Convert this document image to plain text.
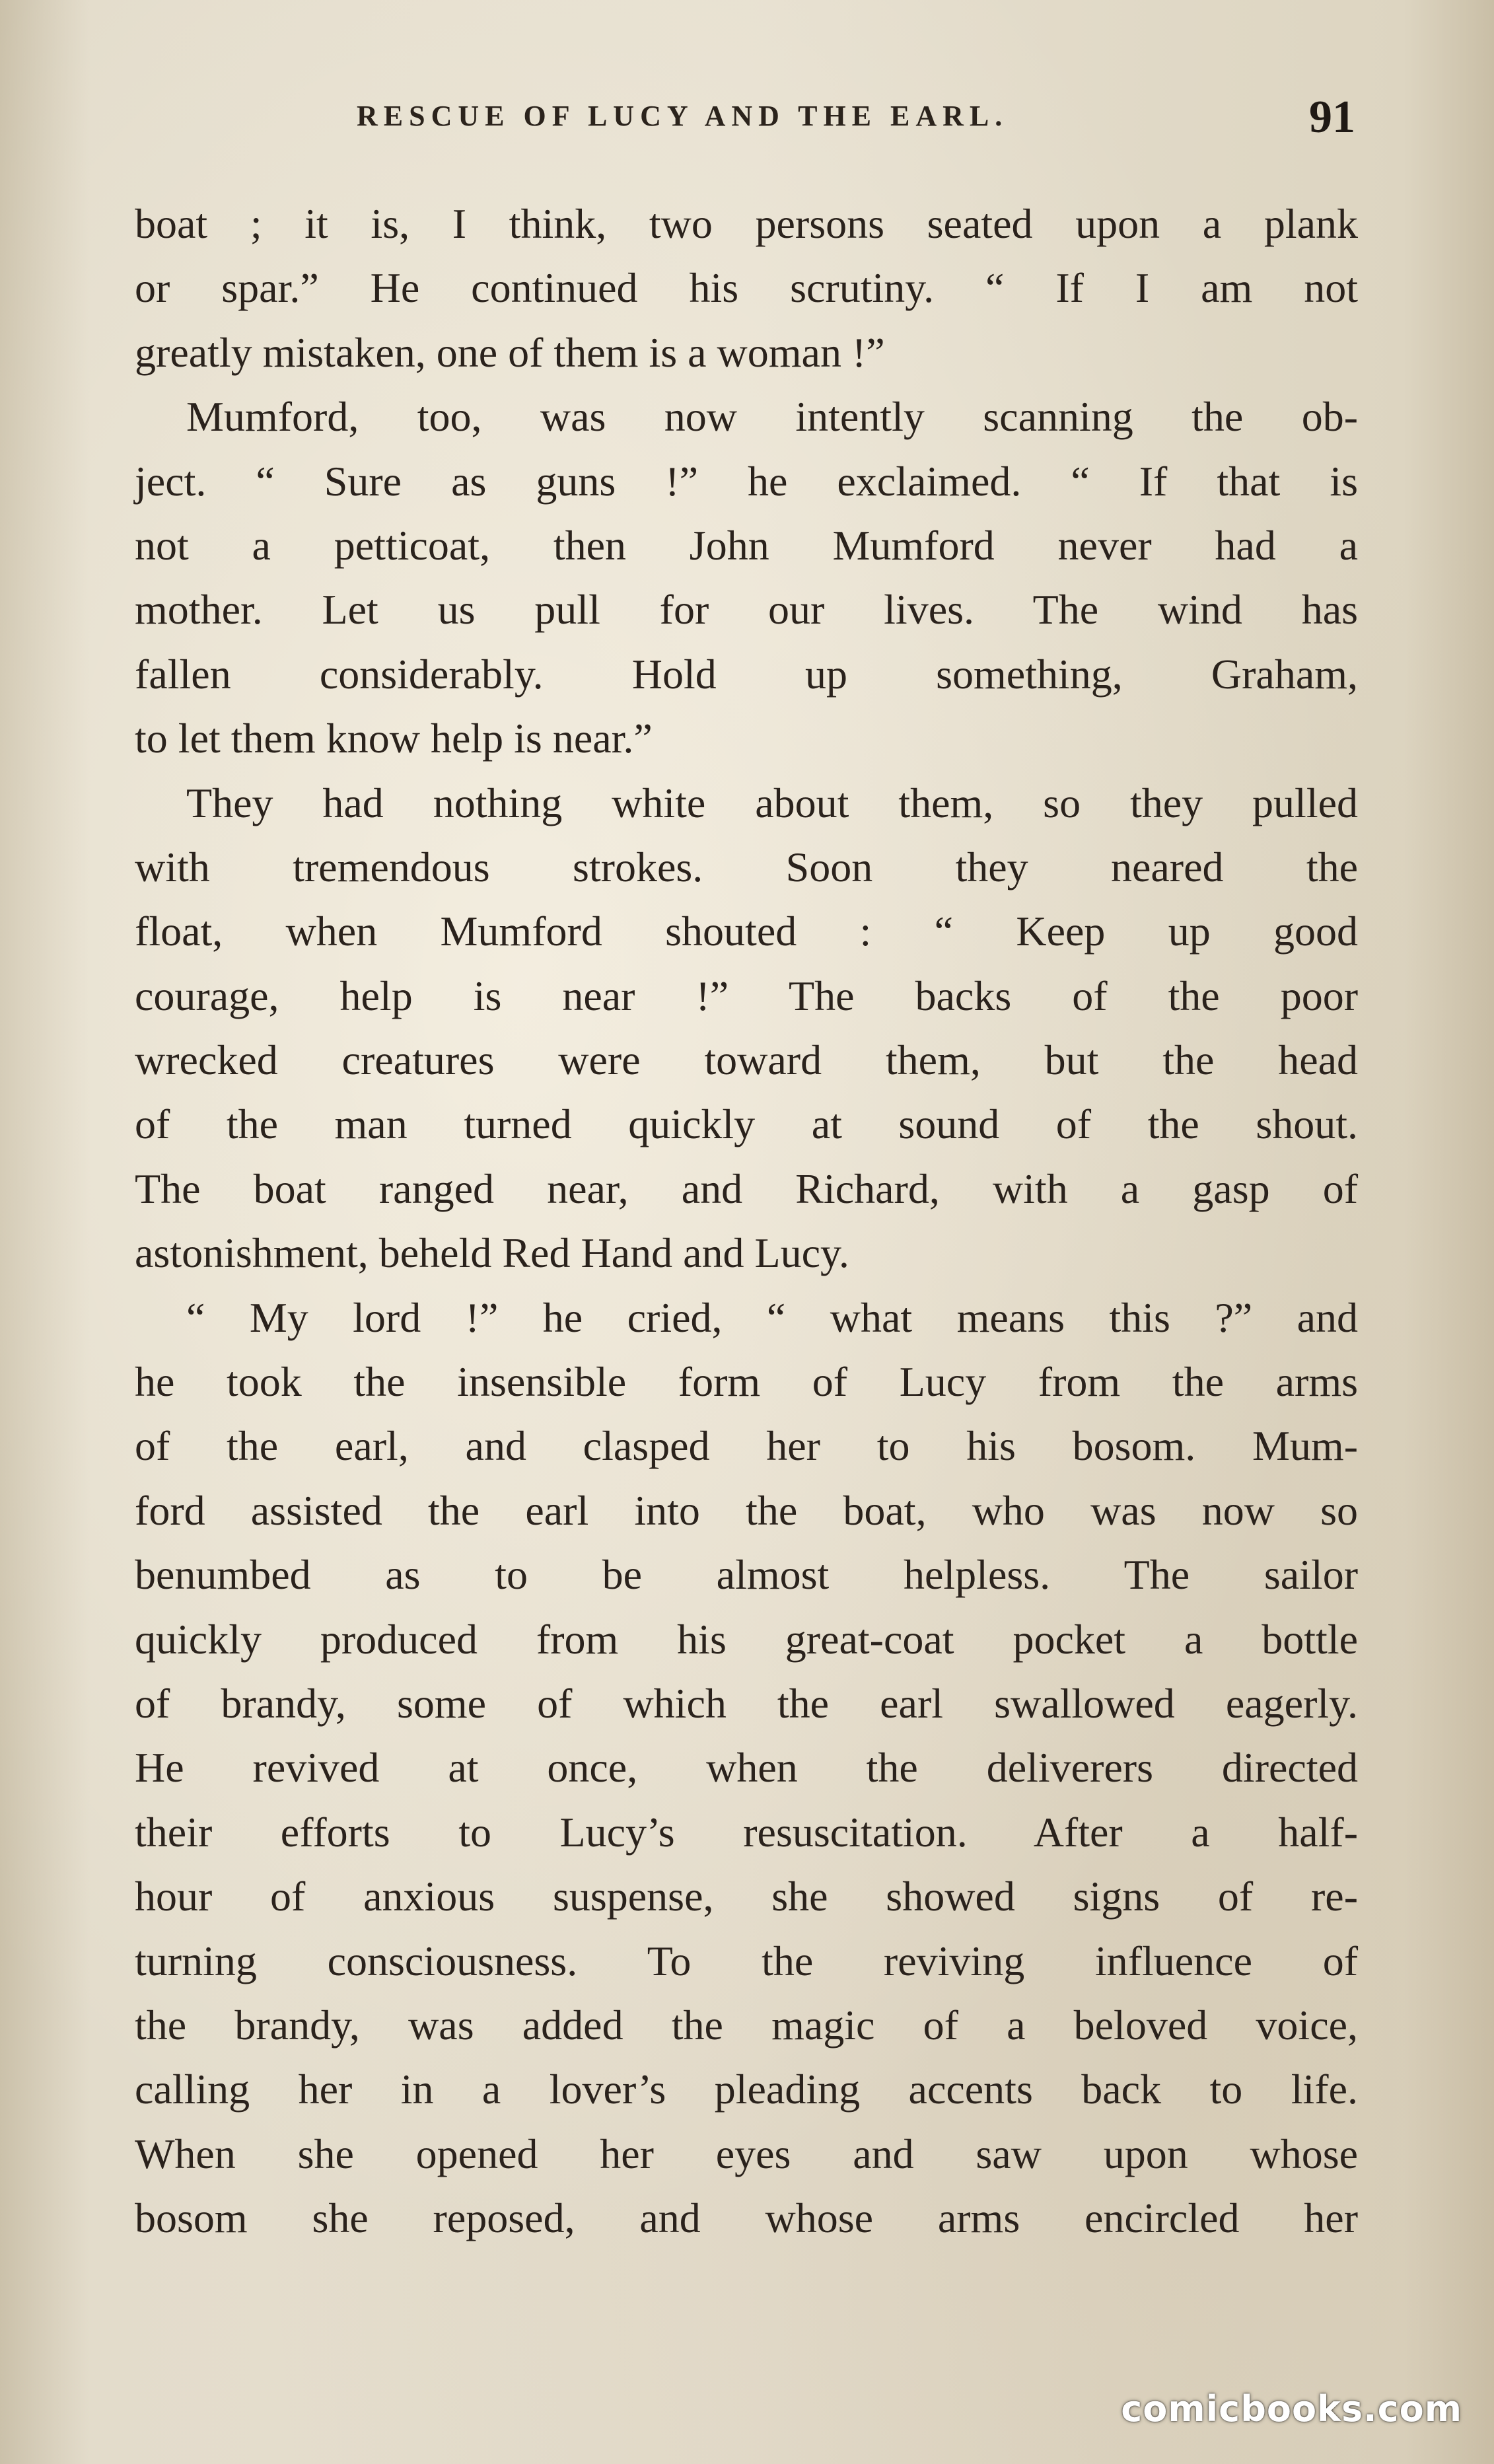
RESCUE OF LUCY AND THE EARL.	91
boat ; it is, I think, two persons seated upon a plank
or spar.” He continued his scrutiny. “ If I am not
greatly mistaken, one of them is a woman !”
Mumford, too, was now intently scanning the ob-
ject. “ Sure as guns !” he exclaimed. “ If that is
not a petticoat, then John Mumford never had a
mother. Let us pull for our lives. The wind has
fallen considerably. Hold up something, Graham,
to let them know help is near.”
They had nothing white about them, so they pulled
with tremendous strokes. Soon they neared the
float, when Mumford shouted : “ Keep up good
courage, help is near !” The backs of the poor
wrecked creatures were toward them, but the head
of the man turned quickly at sound of the shout.
The boat ranged near, and Richard, with a gasp of
astonishment, beheld Red Hand and Lucy.
“ My lord !” he cried, “ what means this ?” and
he took the insensible form of Lucy from the arms
of the earl, and clasped her to his bosom. Mum-
ford assisted the earl into the boat, who was now so
benumbed as to be almost helpless. The sailor
quickly produced from his great-coat pocket a bottle
of brandy, some of which the earl swallowed eagerly.
He revived at once, when the deliverers directed
their efforts to Lucy’s resuscitation. After a half-
hour of anxious suspense, she showed signs of re-
turning consciousness. To the reviving influence of
the brandy, was added the magic of a beloved voice,
calling her in a lover’s pleading accents back to life.
When she opened her eyes and saw upon whose
bosom she reposed, and whose arms encircled her
comicbooks.com
